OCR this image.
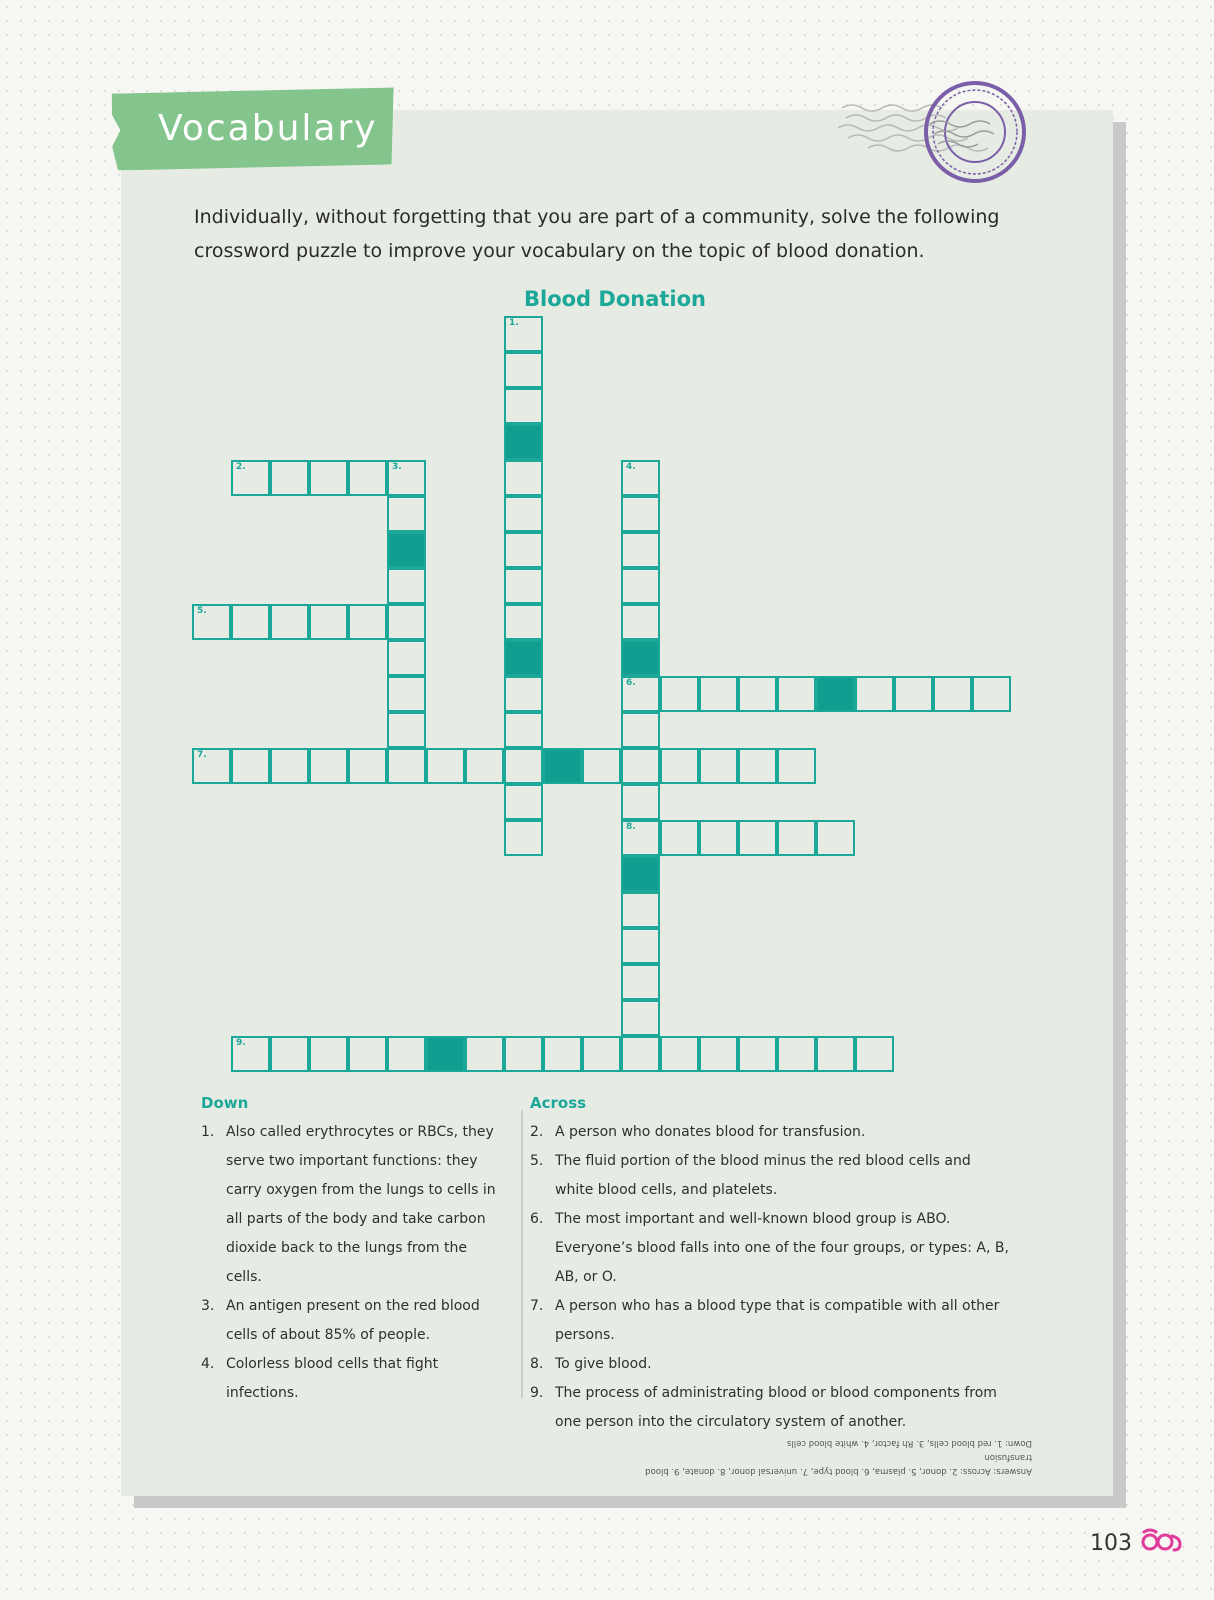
Vocabulary
Individually, without forgetting that you are part of a community, solve the following crossword puzzle to improve your vocabulary on the topic of blood donation.
Blood Donation
1.
3.	4.
6.
8.
2.
5.
7.
9.
Down
1. Also called erythrocytes or RBCs, they serve two important functions: they carry oxygen from the lungs to cells in all parts of the body and take carbon dioxide back to the lungs from the cells.
3. An antigen present on the red blood cells of about 85% of people.
4. Colorless blood cells that fight infections.
Across
2. A person who donates blood for transfusion.
5. The fluid portion of the blood minus the red blood cells and white blood cells, and platelets.
6. The most important and well-known blood group is ABO. Everyone’s blood falls into one of the four groups, or types: A, B, AB, or O.
7. A person who has a blood type that is compatible with all other persons.
8. To give blood.
9. The process of administrating blood or blood components from one person into the circulatory system of another.
Answers: Across: 2. donor, 5. plasma, 6. blood type, 7. universal donor, 8. donate, 9. blood transfusion
Down: 1. red blood cells, 3. Rh factor, 4. white blood cells
103
